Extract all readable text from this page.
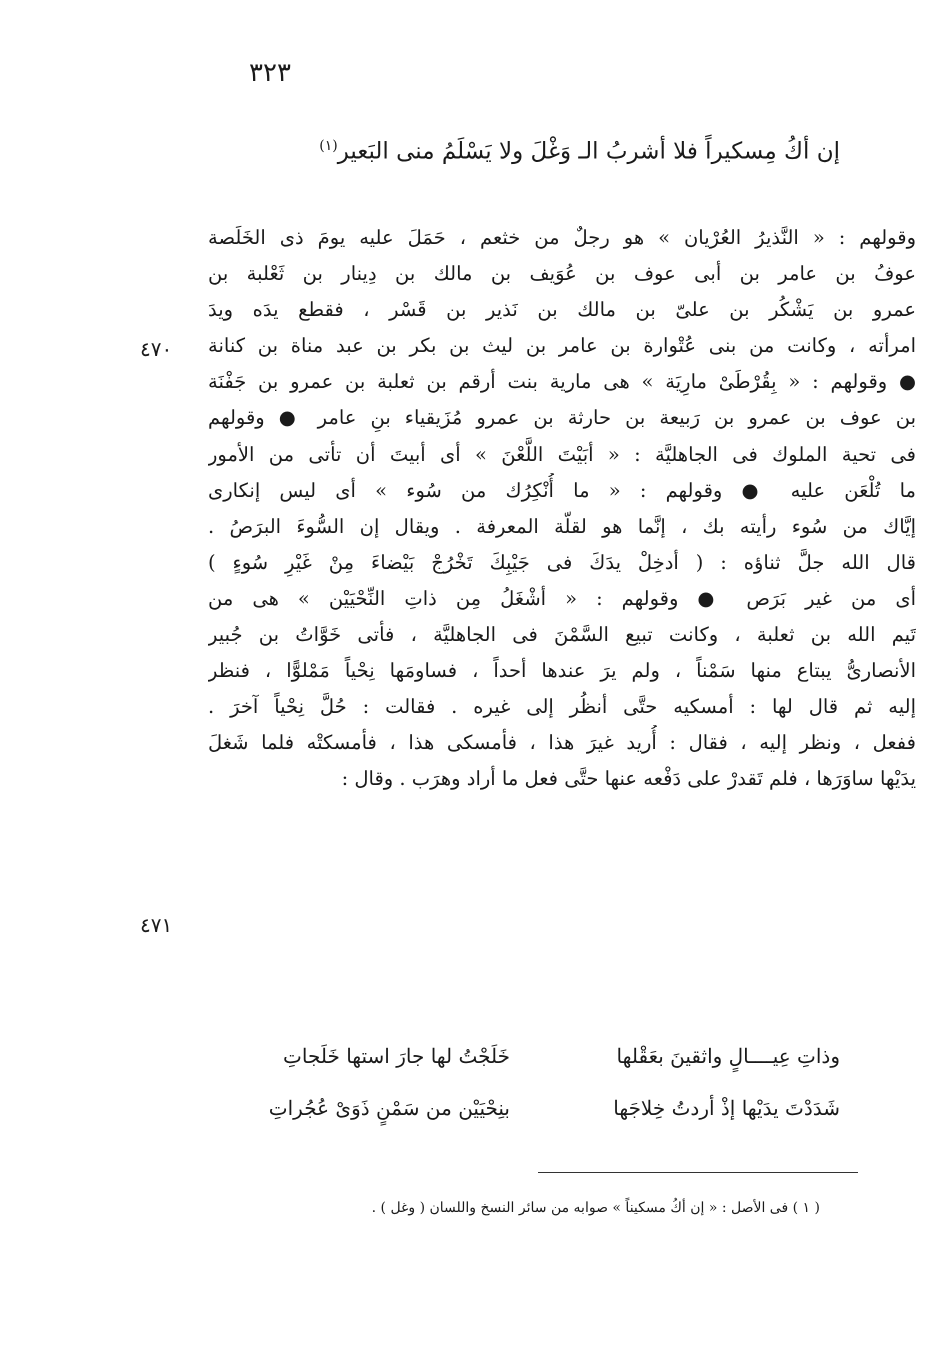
٣٢٣
إن أكُ مِسكيراً فلا أشربُ الـ وَغْلَ ولا يَسْلَمُ منى البَعير$^{(١)}$
وقولهم : « النَّذيرُ العُرْيان » هو رجلٌ من خثعم ، حَمَلَ عليه يومَ ذى الخَلَصة
عوفُ بن عامر بن أبى عوف بن عُوَيف بن مالك بن دِينار بن ثَعْلبة بن
عمرو بن يَشْكُر بن علىّ بن مالك بن نَذير بن قَسْر ، فقطع يدَه ويدَ
امرأته ، وكانت من بنى عُتْوارة بن عامر بن ليث بن بكر بن عبد مناة بن كنانة
● وقولهم : « بِقُرْطَىْ مارِيَة » هى مارية بنت أرقم بن ثعلبة بن عمرو بن جَفْنَة
بن عوف بن عمرو بن رَبيعة بن حارثة بن عمرو مُزَيقياء بنِ عامر ● وقولهم
فى تحية الملوك فى الجاهليَّة : « أبَيْتَ اللَّعْنَ » أى أبيتَ أن تأتى من الأمور
ما تُلْعَن عليه ● وقولهم : « ما أُنْكِرُك من سُوء » أى ليس إنكارى
إيَّاك من سُوء رأيته بك ، إنَّما هو لقلّة المعرفة . ويقال إن السُّوءَ البرَصُ .
قال الله جلَّ ثناؤه : ( أدخِلْ يدَكَ فى جَيْبِكَ تَخْرُجْ بَيْضاءَ مِنْ غَيْرِ سُوءٍ )
أى من غير بَرَص ● وقولهم : « أشْغَلُ مِن ذاتِ النِّحْيَيْن » هى من
تَيم الله بن ثعلبة ، وكانت تبيع السَّمْنَ فى الجاهليَّة ، فأتى خَوَّاتُ بن جُبير
الأنصارىُّ يبتاع منها سَمْناً ، ولم يرَ عندها أحداً ، فساومَها نِحْياً مَمْلوًّا ، فنظر
إليه ثم قال لها : أمسكيه حتَّى أنظُر إلى غيره . فقالت : حُلَّ نِحْياً آخرَ .
ففعل ، ونظر إليه ، فقال : أُريد غيرَ هذا ، فأمسكى هذا ، فأمسكتْه فلما شَغلَ
يدَيْها ساوَرَها ، فلم تَقدرْ على دَفْعه عنها حتَّى فعل ما أراد وهرَب . وقال :
٤٧٠
٤٧١
وذاتِ عِيــــالٍ واثقينَ بعَقْلها
خَلَجْتُ لها جارَ استها خَلَجاتِ
شَدَدْتَ يدَيْها إذْ أردتُ خِلاجَها
بنِحْيَيْن من سَمْنٍ ذَوَىْ عُجُراتِ
( ١ ) فى الأصل : « إن أكُ مسكيناً » صوابه من سائر النسخ واللسان ( وغل ) .
